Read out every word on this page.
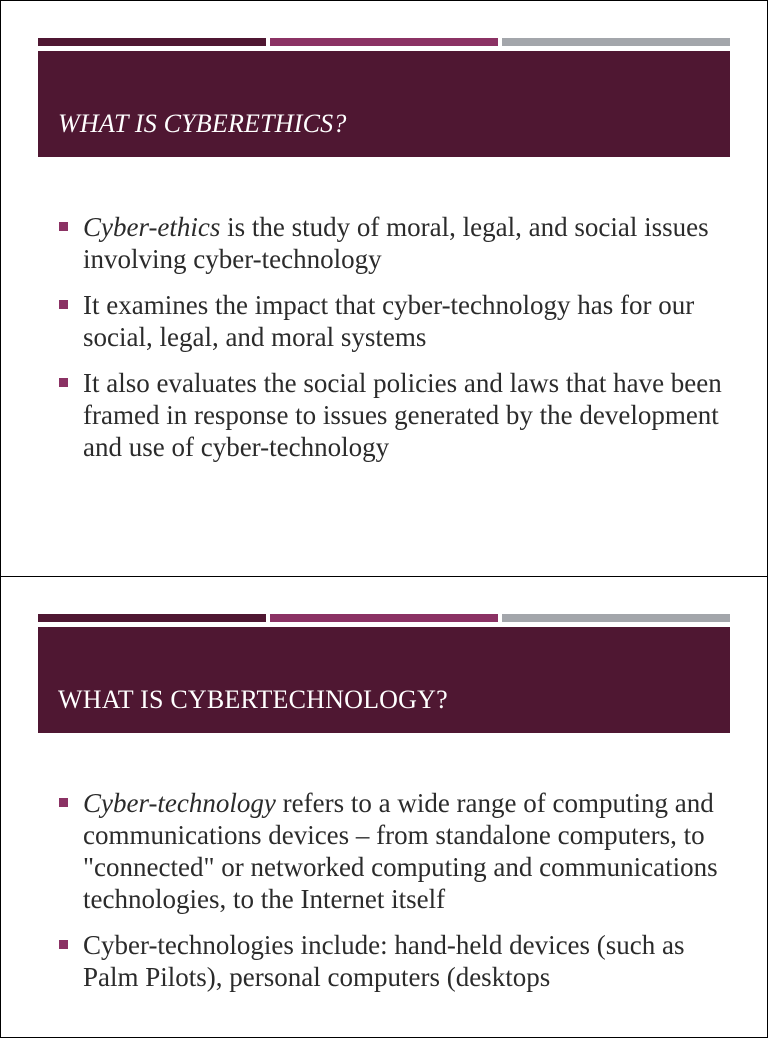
WHAT IS CYBERETHICS?
Cyber-ethics is the study of moral, legal, and social issues involving cyber-technology
It examines the impact that cyber-technology has for our social, legal, and moral systems
It also evaluates the social policies and laws that have been framed in response to issues generated by the development and use of cyber-technology
WHAT IS CYBERTECHNOLOGY?
Cyber-technology refers to a wide range of computing and communications devices – from standalone computers, to "connected" or networked computing and communications technologies, to the Internet itself
Cyber-technologies include: hand-held devices (such as Palm Pilots), personal computers (desktops
